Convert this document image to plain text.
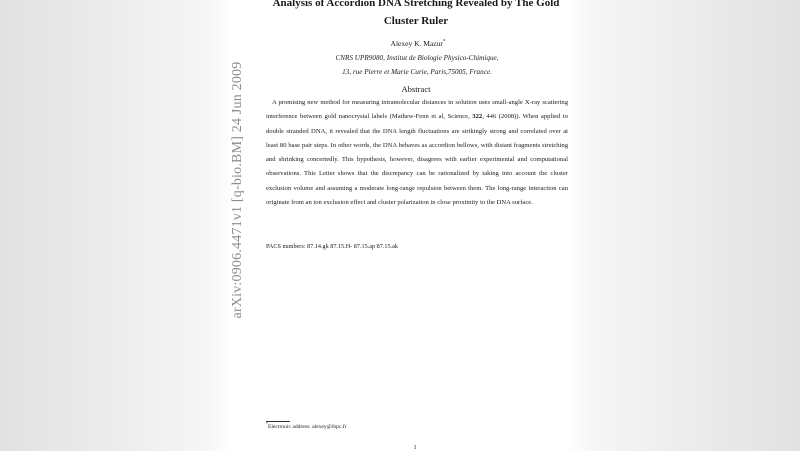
arXiv:0906.4471v1 [q-bio.BM] 24 Jun 2009
Analysis of Accordion DNA Stretching Revealed by The Gold
Cluster Ruler
Alexey K. Mazur*
CNRS UPR9080, Institut de Biologie Physico-Chimique,
13, rue Pierre et Marie Curie, Paris,75005, France.
Abstract
A promising new method for measuring intramolecular distances in solution uses small-angle X-ray scattering interference between gold nanocrystal labels (Mathew-Fenn et al, Science, 322, 446 (2008)). When applied to double stranded DNA, it revealed that the DNA length fluctuations are strikingly strong and correlated over at least 80 base pair steps. In other words, the DNA behaves as accordion bellows, with distant fragments stretching and shrinking concertedly. This hypothesis, however, disagrees with earlier experimental and computational observations. This Letter shows that the discrepancy can be rationalized by taking into account the cluster exclusion volume and assuming a moderate long-range repulsion between them. The long-range interaction can originate from an ion exclusion effect and cluster polarization in close proximity to the DNA surface.
PACS numbers: 87.14.gk 87.15.H- 87.15.ap 87.15.ak
*Electronic address: alexey@ibpc.fr
1
